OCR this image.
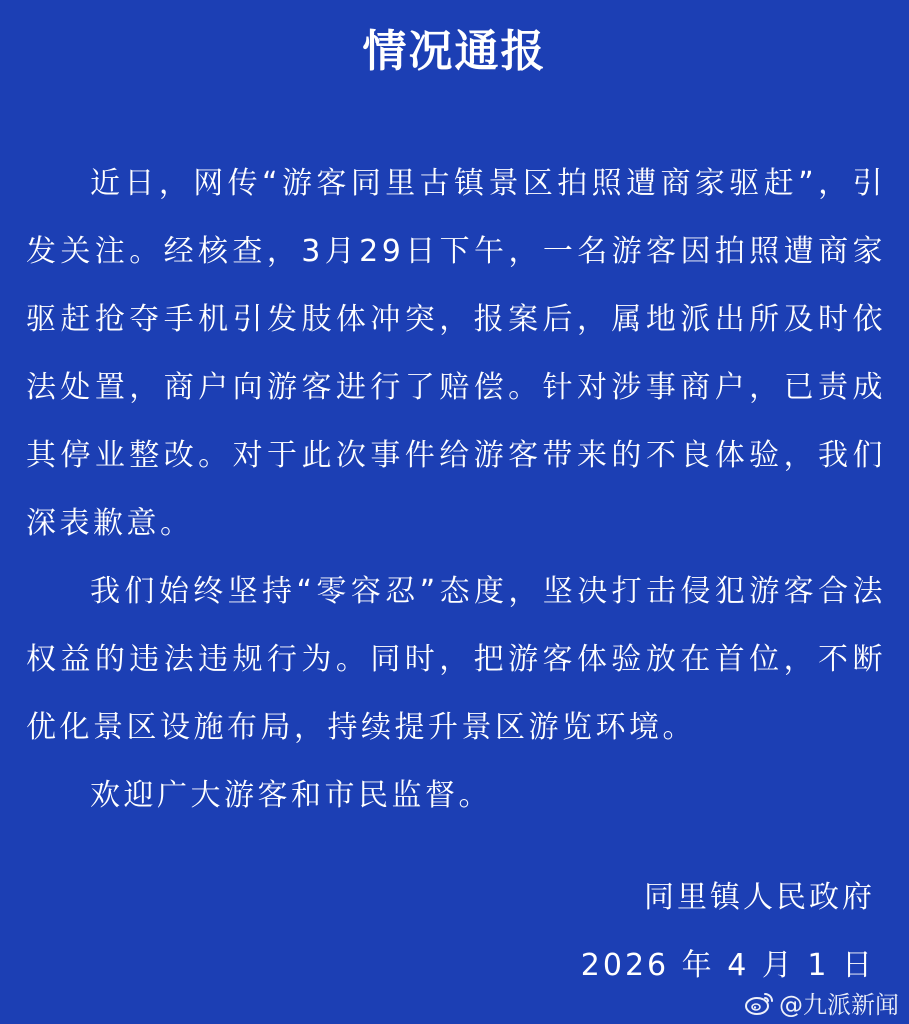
情况通报

近日，网传“游客同里古镇景区拍照遭商家驱赶”，引发关注。经核查，3月29日下午，一名游客因拍照遭商家驱赶抢夺手机引发肢体冲突，报案后，属地派出所及时依法处置，商户向游客进行了赔偿。针对涉事商户，已责成其停业整改。对于此次事件给游客带来的不良体验，我们深表歉意。

我们始终坚持“零容忍”态度，坚决打击侵犯游客合法权益的违法违规行为。同时，把游客体验放在首位，不断优化景区设施布局，持续提升景区游览环境。

欢迎广大游客和市民监督。

同里镇人民政府
2026 年 4 月 1 日
@九派新闻
